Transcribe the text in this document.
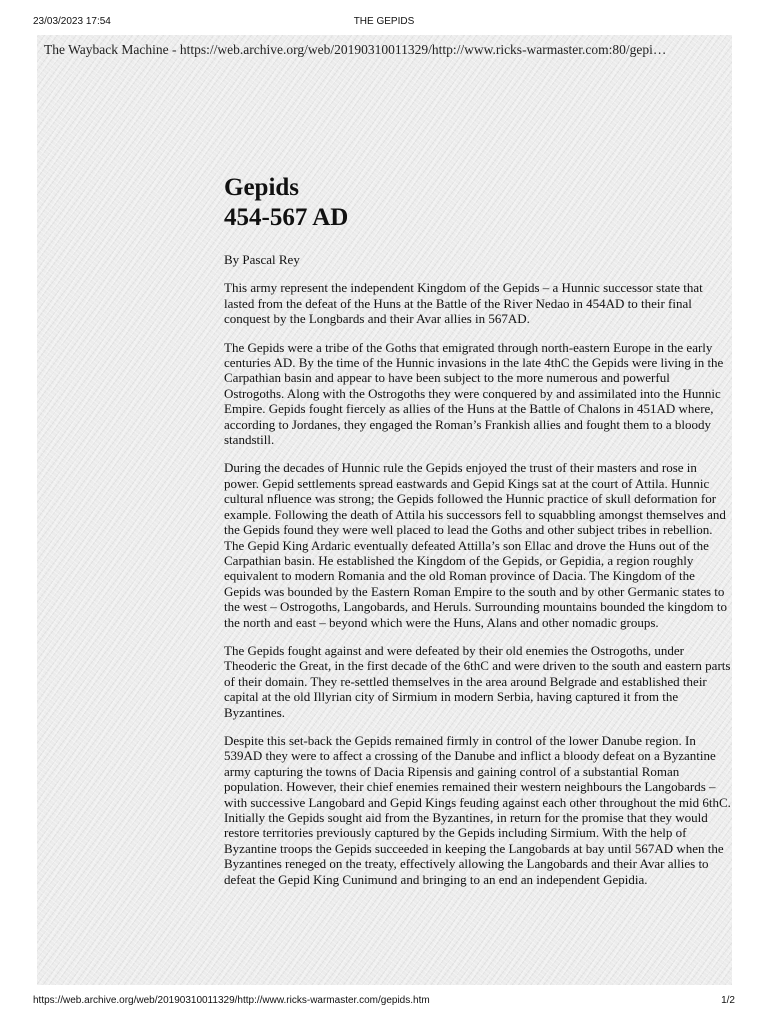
23/03/2023 17:54	THE GEPIDS
The Wayback Machine - https://web.archive.org/web/20190310011329/http://www.ricks-warmaster.com:80/gepi…
Gepids
454-567 AD

By Pascal Rey

This army represent the independent Kingdom of the Gepids – a Hunnic successor state that lasted from the defeat of the Huns at the Battle of the River Nedao in 454AD to their final conquest by the Longbards and their Avar allies in 567AD.

The Gepids were a tribe of the Goths that emigrated through north-eastern Europe in the early centuries AD. By the time of the Hunnic invasions in the late 4thC the Gepids were living in the Carpathian basin and appear to have been subject to the more numerous and powerful Ostrogoths. Along with the Ostrogoths they were conquered by and assimilated into the Hunnic Empire. Gepids fought fiercely as allies of the Huns at the Battle of Chalons in 451AD where, according to Jordanes, they engaged the Roman’s Frankish allies and fought them to a bloody standstill.

During the decades of Hunnic rule the Gepids enjoyed the trust of their masters and rose in power. Gepid settlements spread eastwards and Gepid Kings sat at the court of Attila. Hunnic cultural nfluence was strong; the Gepids followed the Hunnic practice of skull deformation for example. Following the death of Attila his successors fell to squabbling amongst themselves and the Gepids found they were well placed to lead the Goths and other subject tribes in rebellion. The Gepid King Ardaric eventually defeated Attilla’s son Ellac and drove the Huns out of the Carpathian basin. He established the Kingdom of the Gepids, or Gepidia, a region roughly equivalent to modern Romania and the old Roman province of Dacia. The Kingdom of the Gepids was bounded by the Eastern Roman Empire to the south and by other Germanic states to the west – Ostrogoths, Langobards, and Heruls. Surrounding mountains bounded the kingdom to the north and east – beyond which were the Huns, Alans and other nomadic groups.

The Gepids fought against and were defeated by their old enemies the Ostrogoths, under Theoderic the Great, in the first decade of the 6thC and were driven to the south and eastern parts of their domain. They re-settled themselves in the area around Belgrade and established their capital at the old Illyrian city of Sirmium in modern Serbia, having captured it from the Byzantines.

Despite this set-back the Gepids remained firmly in control of the lower Danube region. In 539AD they were to affect a crossing of the Danube and inflict a bloody defeat on a Byzantine army capturing the towns of Dacia Ripensis and gaining control of a substantial Roman population. However, their chief enemies remained their western neighbours the Langobards – with successive Langobard and Gepid Kings feuding against each other throughout the mid 6thC. Initially the Gepids sought aid from the Byzantines, in return for the promise that they would restore territories previously captured by the Gepids including Sirmium. With the help of Byzantine troops the Gepids succeeded in keeping the Langobards at bay until 567AD when the Byzantines reneged on the treaty, effectively allowing the Langobards and their Avar allies to defeat the Gepid King Cunimund and bringing to an end an independent Gepidia.

https://web.archive.org/web/20190310011329/http://www.ricks-warmaster.com/gepids.htm	1/2
